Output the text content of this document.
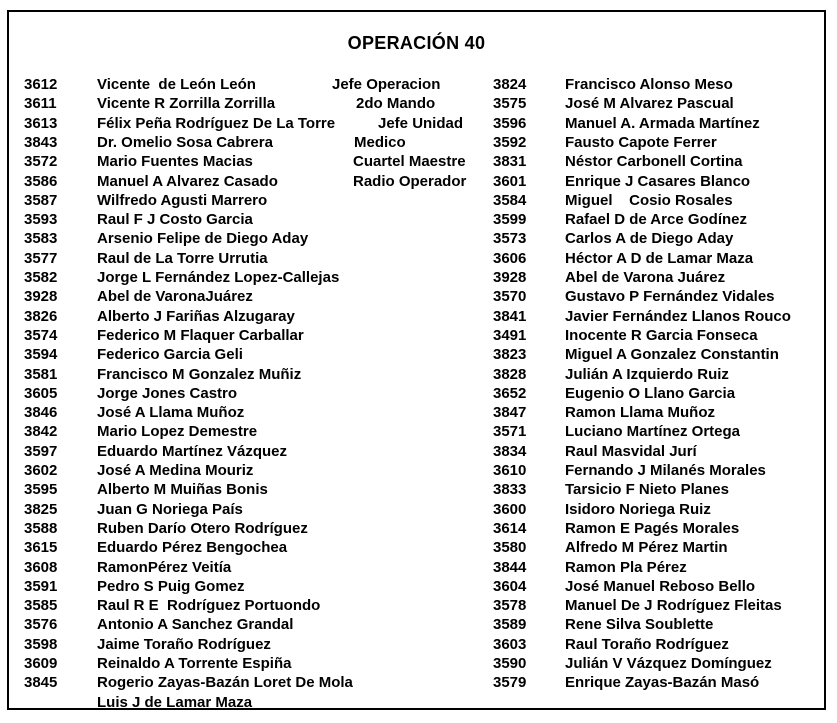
OPERACIÓN 40
3612	Vicente  de León León	Jefe Operacion
3611	Vicente R Zorrilla Zorrilla	2do Mando
3613	Félix Peña Rodríguez De La Torre	Jefe Unidad
3843	Dr. Omelio Sosa Cabrera	Medico
3572	Mario Fuentes Macias	Cuartel Maestre
3586	Manuel A Alvarez Casado	Radio Operador
3587	Wilfredo Agusti Marrero
3593	Raul F J Costo Garcia
3583	Arsenio Felipe de Diego Aday
3577	Raul de La Torre Urrutia
3582	Jorge L Fernández Lopez-Callejas
3928	Abel de VaronaJuárez
3826	Alberto J Fariñas Alzugaray
3574	Federico M Flaquer Carballar
3594	Federico Garcia Geli
3581	Francisco M Gonzalez Muñiz
3605	Jorge Jones Castro
3846	José A Llama Muñoz
3842	Mario Lopez Demestre
3597	Eduardo Martínez Vázquez
3602	José A Medina Mouriz
3595	Alberto M Muiñas Bonis
3825	Juan G Noriega País
3588	Ruben Darío Otero Rodríguez
3615	Eduardo Pérez Bengochea
3608	RamonPérez Veitía
3591	Pedro S Puig Gomez
3585	Raul R E  Rodríguez Portuondo
3576	Antonio A Sanchez Grandal
3598	Jaime Toraño Rodríguez
3609	Reinaldo A Torrente Espiña
3845	Rogerio Zayas-Bazán Loret De Mola
Luis J de Lamar Maza
3824	Francisco Alonso Meso
3575	José M Alvarez Pascual
3596	Manuel A. Armada Martínez
3592	Fausto Capote Ferrer
3831	Néstor Carbonell Cortina
3601	Enrique J Casares Blanco
3584	Miguel    Cosio Rosales
3599	Rafael D de Arce Godínez
3573	Carlos A de Diego Aday
3606	Héctor A D de Lamar Maza
3928	Abel de Varona Juárez
3570	Gustavo P Fernández Vidales
3841	Javier Fernández Llanos Rouco
3491	Inocente R Garcia Fonseca
3823	Miguel A Gonzalez Constantin
3828	Julián A Izquierdo Ruiz
3652	Eugenio O Llano Garcia
3847	Ramon Llama Muñoz
3571	Luciano Martínez Ortega
3834	Raul Masvidal Jurí
3610	Fernando J Milanés Morales
3833	Tarsicio F Nieto Planes
3600	Isidoro Noriega Ruiz
3614	Ramon E Pagés Morales
3580	Alfredo M Pérez Martin
3844	Ramon Pla Pérez
3604	José Manuel Reboso Bello
3578	Manuel De J Rodríguez Fleitas
3589	Rene Silva Soublette
3603	Raul Toraño Rodríguez
3590	Julián V Vázquez Domínguez
3579	Enrique Zayas-Bazán Masó
